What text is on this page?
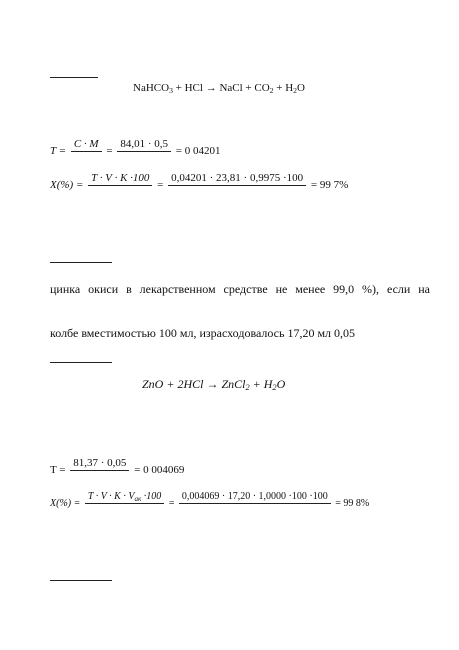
NaHCO$_3$ + HCl → NaCl + $CO_2 + H_2O$
T =
C · M

=
84,01 · 0,5

= 0 04201
X(%) =
T · V · K ·100

=
0,04201 · 23,81 · 0,9975 ·100

= 99 7%
цинка окиси в лекарственном средстве не менее 99,0 %), если на
колбе вместимостью 100 мл, израсходовалось 17,20 мл 0,05
ZnO + 2HCl → ZnCl$_2$ + $H_2O$
T =
81,37 · 0,05

= 0 004069
X(%) =
$T \cdot V \cdot K \cdot V_{ак} \cdot 100$

=
0,004069 · 17,20 · 1,0000 ·100 ·100

= 99 8%
